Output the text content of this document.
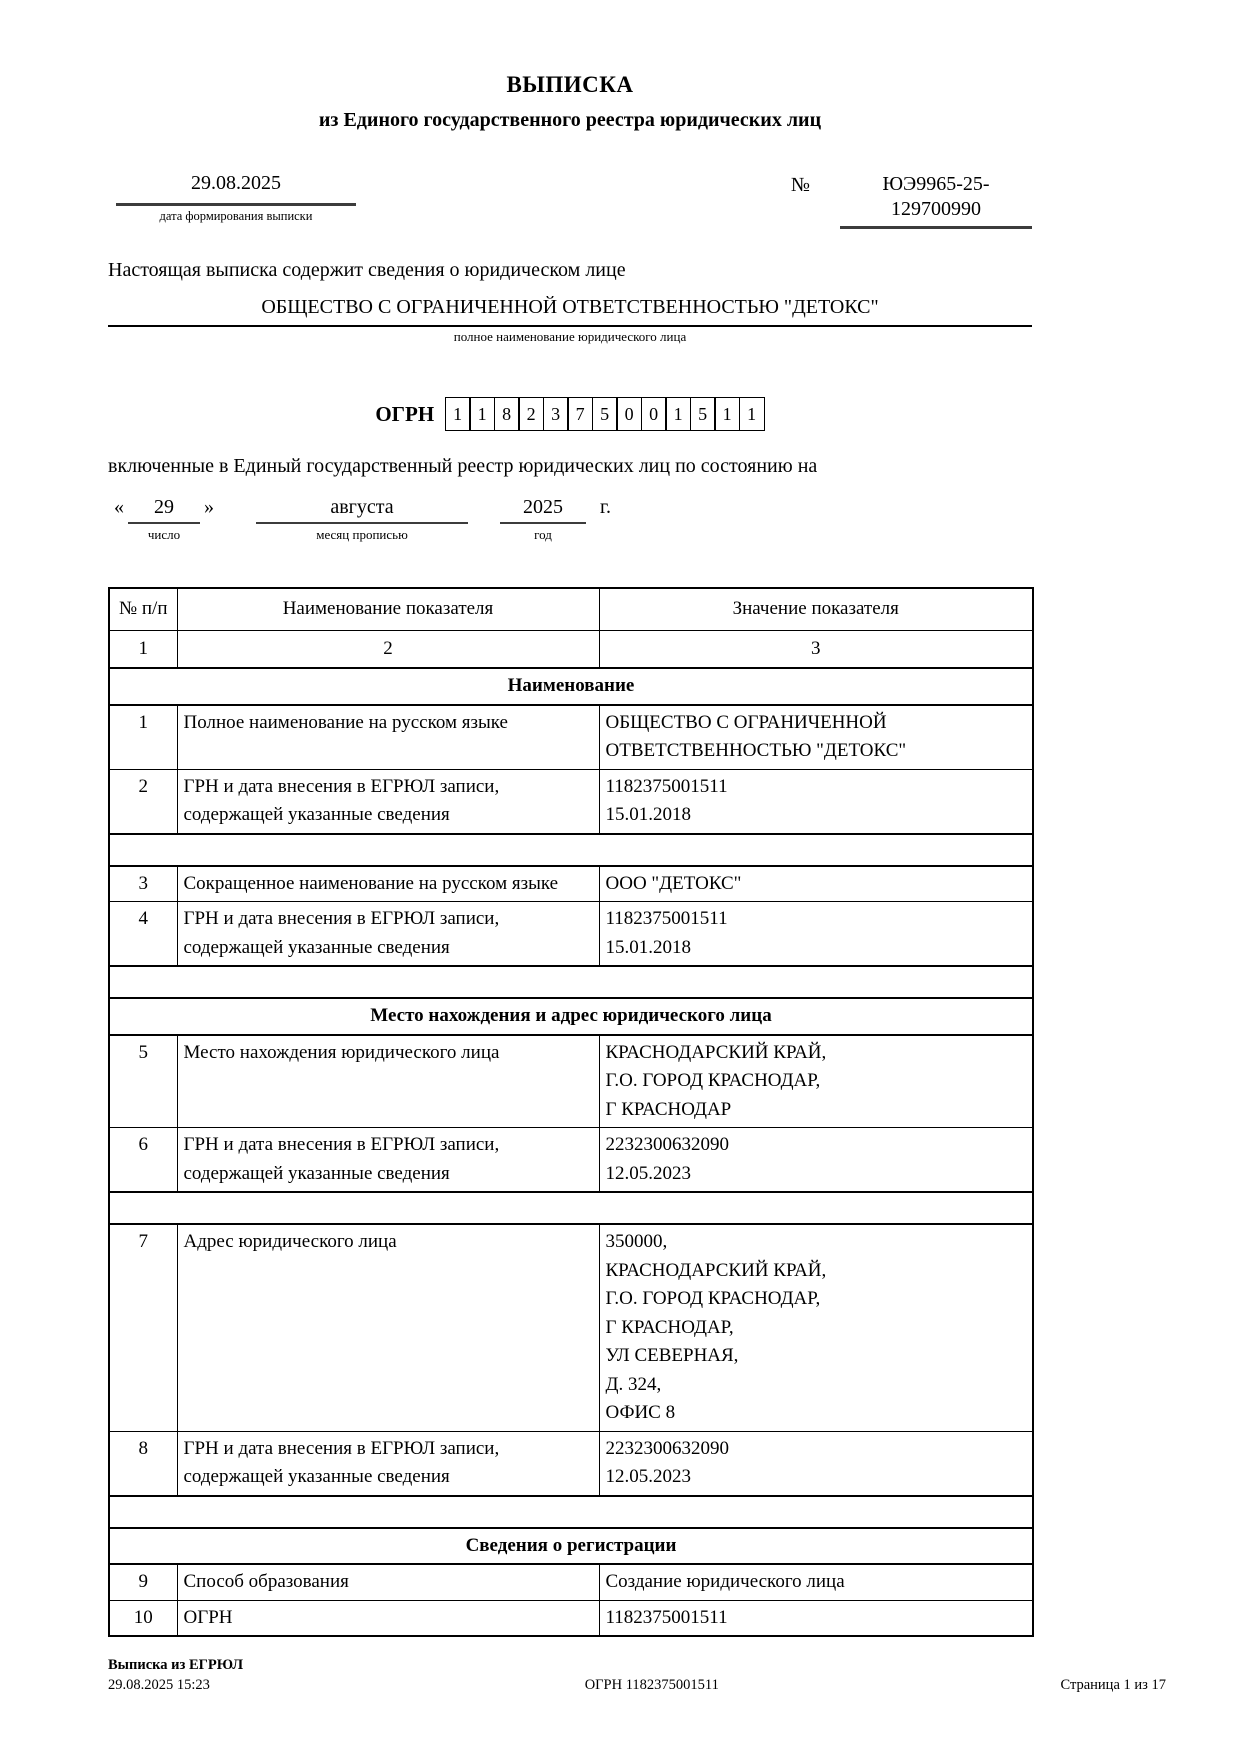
ВЫПИСКА
из Единого государственного реестра юридических лиц
29.08.2025
дата формирования выписки
№	ЮЭ9965-25-
129700990
Настоящая выписка содержит сведения о юридическом лице
ОБЩЕСТВО С ОГРАНИЧЕННОЙ ОТВЕТСТВЕННОСТЬЮ "ДЕТОКС"
полное наименование юридического лица
ОГРН	1 1 8 2 3 7 5 0 0 1 5 1 1
включенные в Единый государственный реестр юридических лиц по состоянию на
«	29
число
»	августа
месяц прописью
2025
год
г.
№ п/п	Наименование показателя	Значение показателя
1	2	3
Наименование		
1	Полное наименование на русском языке	ОБЩЕСТВО С ОГРАНИЧЕННОЙ ОТВЕТСТВЕННОСТЬЮ "ДЕТОКС"

2	ГРН и дата внесения в ЕГРЮЛ записи, содержащей указанные сведения	1182375001511
15.01.2018

3	Сокращенное наименование на русском языке	ООО "ДЕТОКС"

4	ГРН и дата внесения в ЕГРЮЛ записи, содержащей указанные сведения	1182375001511
15.01.2018

Место нахождения и адрес юридического лица		
5	Место нахождения юридического лица	КРАСНОДАРСКИЙ КРАЙ,
Г.О. ГОРОД КРАСНОДАР,
Г КРАСНОДАР

6	ГРН и дата внесения в ЕГРЮЛ записи, содержащей указанные сведения	2232300632090
12.05.2023

7	Адрес юридического лица	350000,
КРАСНОДАРСКИЙ КРАЙ,
Г.О. ГОРОД КРАСНОДАР,
Г КРАСНОДАР,
УЛ СЕВЕРНАЯ,
Д. 324,
ОФИС 8

8	ГРН и дата внесения в ЕГРЮЛ записи, содержащей указанные сведения	2232300632090
12.05.2023

Сведения о регистрации		
9	Способ образования	Создание юридического лица

10	ОГРН	1182375001511
Выписка из ЕГРЮЛ
29.08.2025 15:23	ОГРН 1182375001511	Страница 1 из 17
